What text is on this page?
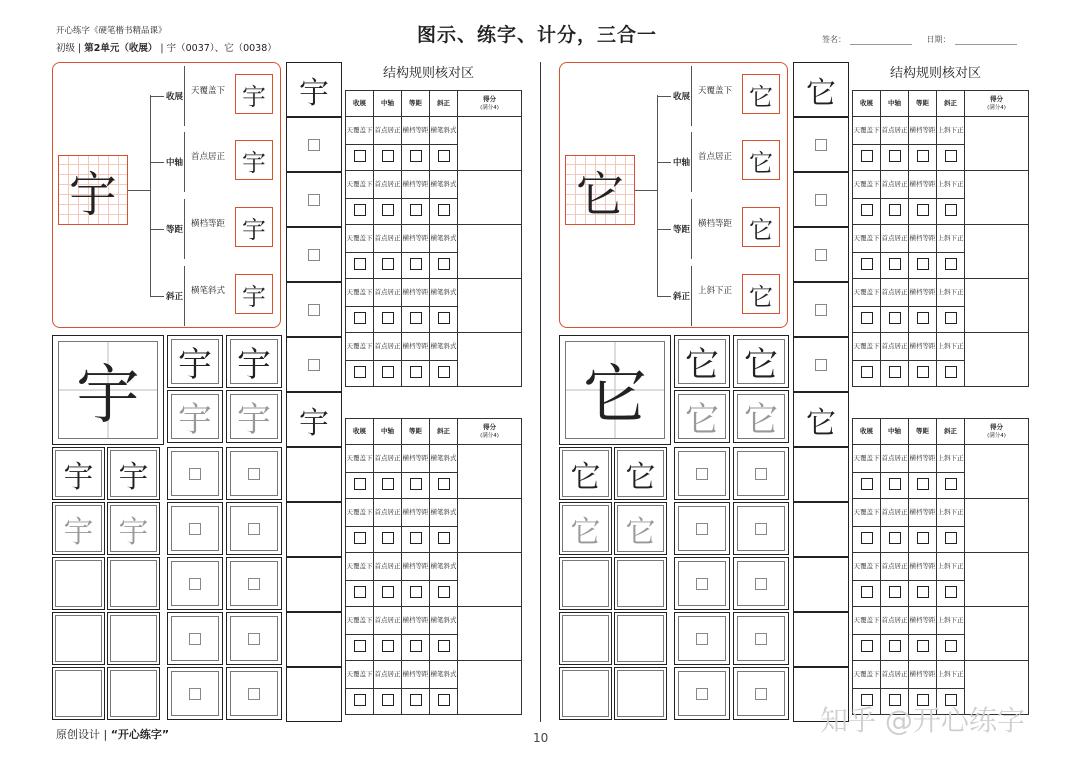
开心练字《硬笔楷书精品课》
初级 | 第2单元（收展） | 宇（0037）、它（0038）
图示、练字、计分，三合一	签名：	日期：
宇
收展
天覆盖下 宇
中轴
首点居正 宇
等距
横档等距 宇
斜正
横笔斜式 宇
宇	宇 宇
宇 宇
宇 宇
宇 宇
宇
宇
结构规则核对区
收展	中轴	等距	斜正	得分
(满分4)

天覆盖下	首点居正	横档等距	横笔斜式	

天覆盖下	首点居正	横档等距	横笔斜式	

天覆盖下	首点居正	横档等距	横笔斜式	

天覆盖下	首点居正	横档等距	横笔斜式	

天覆盖下	首点居正	横档等距	横笔斜式	

收展	中轴	等距	斜正	得分
(满分4)

天覆盖下	首点居正	横档等距	横笔斜式	

天覆盖下	首点居正	横档等距	横笔斜式	

天覆盖下	首点居正	横档等距	横笔斜式	

天覆盖下	首点居正	横档等距	横笔斜式	

天覆盖下	首点居正	横档等距	横笔斜式	

它
收展
天覆盖下 它
中轴
首点居正 它
等距
横档等距 它
斜正
上斜下正 它
它	它 它
它 它
它 它
它 它
它
它
结构规则核对区
收展	中轴	等距	斜正	得分
(满分4)

天覆盖下	首点居正	横档等距	上斜下正	

天覆盖下	首点居正	横档等距	上斜下正	

天覆盖下	首点居正	横档等距	上斜下正	

天覆盖下	首点居正	横档等距	上斜下正	

天覆盖下	首点居正	横档等距	上斜下正	

收展	中轴	等距	斜正	得分
(满分4)

天覆盖下	首点居正	横档等距	上斜下正	

天覆盖下	首点居正	横档等距	上斜下正	

天覆盖下	首点居正	横档等距	上斜下正	

天覆盖下	首点居正	横档等距	上斜下正	

天覆盖下	首点居正	横档等距	上斜下正	

原创设计 | “开心练字”	10
知乎 @开心练字
